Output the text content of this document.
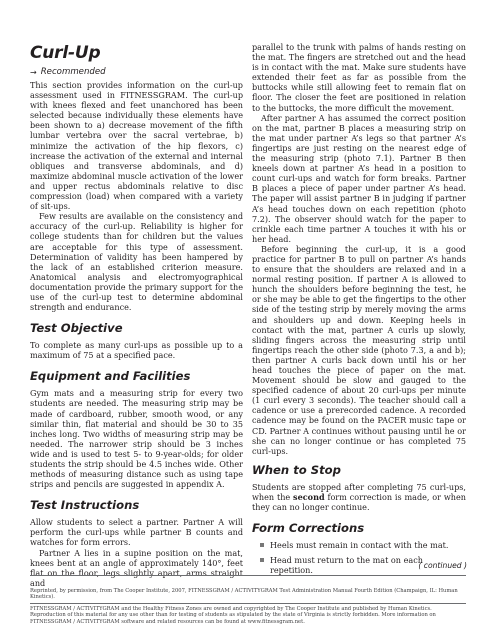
Curl-Up
→ Recommended

This section provides information on the curl-up assessment used in FITNESSGRAM. The curl-up with knees flexed and feet unanchored has been selected because individually these elements have been shown to a) decrease movement of the fifth lumbar vertebra over the sacral vertebrae, b) minimize the activation of the hip flexors, c) increase the activation of the external and internal obliques and transverse abdominals, and d) maximize abdominal muscle activation of the lower and upper rectus abdominals relative to disc compression (load) when compared with a variety of sit-ups.

Few results are available on the consistency and accuracy of the curl-up. Reliability is higher for college students than for children but the values are acceptable for this type of assessment. Determination of validity has been hampered by the lack of an established criterion measure. Anatomical analysis and electromyographical documentation provide the primary support for the use of the curl-up test to determine abdominal strength and endurance.

Test Objective

To complete as many curl-ups as possible up to a maximum of 75 at a specified pace.

Equipment and Facilities

Gym mats and a measuring strip for every two students are needed. The measuring strip may be made of cardboard, rubber, smooth wood, or any similar thin, flat material and should be 30 to 35 inches long. Two widths of measuring strip may be needed. The narrower strip should be 3 inches wide and is used to test 5- to 9-year-olds; for older students the strip should be 4.5 inches wide. Other methods of measuring distance such as using tape strips and pencils are suggested in appendix A.

Test Instructions

Allow students to select a partner. Partner A will perform the curl-ups while partner B counts and watches for form errors.

Partner A lies in a supine position on the mat, knees bent at an angle of approximately 140°, feet flat on the floor, legs slightly apart, arms straight and

parallel to the trunk with palms of hands resting on the mat. The fingers are stretched out and the head is in contact with the mat. Make sure students have extended their feet as far as possible from the buttocks while still allowing feet to remain flat on floor. The closer the feet are positioned in relation to the buttocks, the more difficult the movement.

After partner A has assumed the correct position on the mat, partner B places a measuring strip on the mat under partner A’s legs so that partner A’s fingertips are just resting on the nearest edge of the measuring strip (photo 7.1). Partner B then kneels down at partner A’s head in a position to count curl-ups and watch for form breaks. Partner B places a piece of paper under partner A’s head. The paper will assist partner B in judging if partner A’s head touches down on each repetition (photo 7.2). The observer should watch for the paper to crinkle each time partner A touches it with his or her head.

Before beginning the curl-up, it is a good practice for partner B to pull on partner A’s hands to ensure that the shoulders are relaxed and in a normal resting position. If partner A is allowed to hunch the shoulders before beginning the test, he or she may be able to get the fingertips to the other side of the testing strip by merely moving the arms and shoulders up and down. Keeping heels in contact with the mat, partner A curls up slowly, sliding fingers across the measuring strip until fingertips reach the other side (photo 7.3, a and b); then partner A curls back down until his or her head touches the piece of paper on the mat. Movement should be slow and gauged to the specified cadence of about 20 curl-ups per minute (1 curl every 3 seconds). The teacher should call a cadence or use a prerecorded cadence. A recorded cadence may be found on the PACER music tape or CD. Partner A continues without pausing until he or she can no longer continue or has completed 75 curl-ups.

When to Stop

Students are stopped after completing 75 curl-ups, when the second form correction is made, or when they can no longer continue.

Form Corrections
Heels must remain in contact with the mat.
Head must return to the mat on each repetition.	( continued )

Reprinted, by permission, from The Cooper Institute, 2007, FITNESSGRAM / ACTIVITYGRAM Test Administration Manual Fourth Edition (Champaign, IL: Human Kinetics).

FITNESSGRAM / ACTIVITYGRAM and the Healthy Fitness Zones are owned and copyrighted by The Cooper Institute and published by Human Kinetics. Reproduction of this material for any use other than for testing of students as stipulated by the state of Virginia is strictly forbidden. More information on FITNESSGRAM / ACTIVITYGRAM software and related resources can be found at www.fitnessgram.net.
